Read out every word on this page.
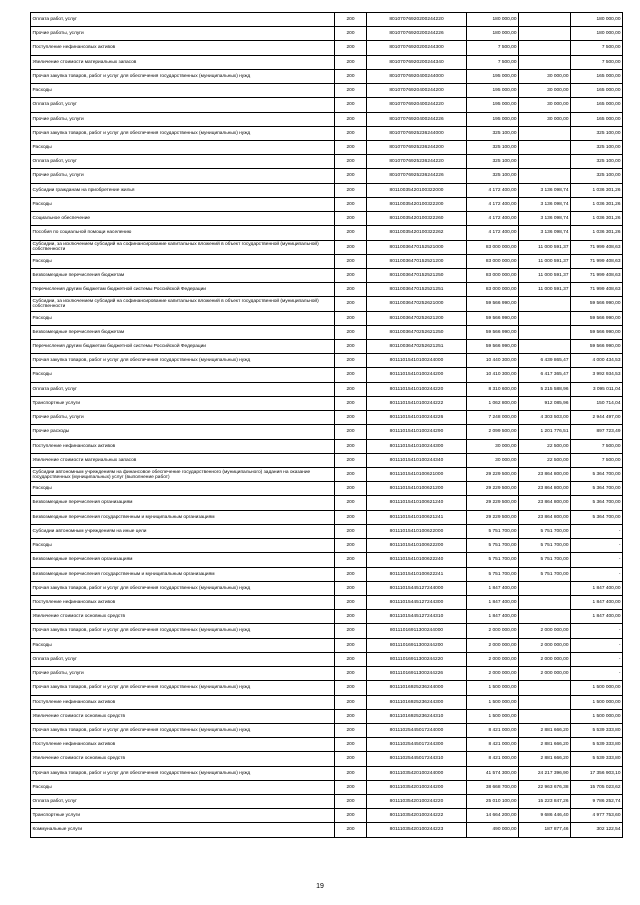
Оплата работ, услуг	200	80107076920200244220	180 000,00		180 000,00
Прочие работы, услуги	200	80107076920200244226	180 000,00		180 000,00
Поступление нефинансовых активов	200	80107076920200244300	7 500,00		7 500,00
Увеличение стоимости материальных запасов	200	80107076920200244340	7 500,00		7 500,00
Прочая закупка товаров, работ и услуг для обеспечения государственных (муниципальных) нужд	200	80107076920400244000	195 000,00	30 000,00	165 000,00
Расходы	200	80107076920400244200	195 000,00	30 000,00	165 000,00
Оплата работ, услуг	200	80107076920400244220	195 000,00	30 000,00	165 000,00
Прочие работы, услуги	200	80107076920400244226	195 000,00	30 000,00	165 000,00
Прочая закупка товаров, работ и услуг для обеспечения государственных (муниципальных) нужд	200	80107076925236244000	325 100,00		325 100,00
Расходы	200	80107076925236244200	325 100,00		325 100,00
Оплата работ, услуг	200	80107076925236244220	325 100,00		325 100,00
Прочие работы, услуги	200	80107076925236244226	325 100,00		325 100,00
Субсидии гражданам на приобретение жилья	200	80110035420100322000	4 172 400,00	3 136 098,74	1 036 301,26
Расходы	200	80110035420100322200	4 172 400,00	3 136 098,74	1 036 301,26
Социальное обеспечение	200	80110035420100322260	4 172 400,00	3 136 098,74	1 036 301,26
Пособия по социальной помощи населению	200	80110035420100322262	4 172 400,00	3 136 098,74	1 036 301,26
Субсидии, за исключением субсидий на софинансирование капитальных вложений в объект государственной (муниципальной) собственности	200	80110036470152521000	83 000 000,00	11 000 591,37	71 999 408,63
Расходы	200	80110036470152521200	83 000 000,00	11 000 591,37	71 999 408,63
Безвозмездные перечисления бюджетам	200	80110036470152521250	83 000 000,00	11 000 591,37	71 999 408,63
Перечисления другим бюджетам бюджетной системы Российской Федерации	200	80110036470152521251	83 000 000,00	11 000 591,37	71 999 408,63
Субсидии, за исключением субсидий на софинансирование капитальных вложений в объект государственной (муниципальной) собственности	200	80110036470252621000	59 566 990,00		59 566 990,00
Расходы	200	80110036470252621200	59 566 990,00		59 566 990,00
Безвозмездные перечисления бюджетам	200	80110036470252621250	59 566 990,00		59 566 990,00
Перечисления другим бюджетам бюджетной системы Российской Федерации	200	80110036470252621251	59 566 990,00		59 566 990,00
Прочая закупка товаров, работ и услуг для обеспечения государственных (муниципальных) нужд	200	80111015410100244000	10 440 300,00	6 439 865,47	4 000 434,53
Расходы	200	80111015410100244200	10 410 300,00	6 417 365,47	3 992 934,53
Оплата работ, услуг	200	80111015410100244220	8 310 600,00	5 215 588,96	3 095 011,04
Транспортные услуги	200	80111015410100244222	1 062 800,00	912 085,96	150 714,04
Прочие работы, услуги	200	80111015410100244226	7 248 000,00	4 303 503,00	2 944 497,00
Прочие расходы	200	80111015410100244290	2 099 500,00	1 201 776,51	897 723,49
Поступление нефинансовых активов	200	80111015410100244300	30 000,00	22 500,00	7 500,00
Увеличение стоимости материальных запасов	200	80111015410100244340	30 000,00	22 500,00	7 500,00
Субсидии автономным учреждениям на финансовое обеспечение государственного (муниципального) задания на оказание государственных (муниципальных) услуг (выполнение работ)	200	80111015410100621000	29 229 500,00	23 864 800,00	5 364 700,00
Расходы	200	80111015410100621200	29 229 500,00	23 864 800,00	5 364 700,00
Безвозмездные перечисления организациям	200	80111015410100621240	29 229 500,00	23 864 800,00	5 364 700,00
Безвозмездные перечисления государственным и муниципальным организациям	200	80111015410100621241	29 229 500,00	23 864 800,00	5 364 700,00
Субсидии автономным учреждениям на иные цели	200	80111015410100622000	5 751 700,00	5 751 700,00	-
Расходы	200	80111015410100622200	5 751 700,00	5 751 700,00	-
Безвозмездные перечисления организациям	200	80111015410100622240	5 751 700,00	5 751 700,00	-
Безвозмездные перечисления государственным и муниципальным организациям	200	80111015410100622241	5 751 700,00	5 751 700,00	-
Прочая закупка товаров, работ и услуг для обеспечения государственных (муниципальных) нужд	200	80111015445127244000	1 847 400,00		1 847 400,00
Поступление нефинансовых активов	200	80111015445127244300	1 847 400,00		1 847 400,00
Увеличение стоимости основных средств	200	80111015445127244310	1 847 400,00		1 847 400,00
Прочая закупка товаров, работ и услуг для обеспечения государственных (муниципальных) нужд	200	80111016911300244000	2 000 000,00	2 000 000,00	-
Расходы	200	80111016911300244200	2 000 000,00	2 000 000,00	-
Оплата работ, услуг	200	80111016911300244220	2 000 000,00	2 000 000,00	-
Прочие работы, услуги	200	80111016911300244226	2 000 000,00	2 000 000,00	-
Прочая закупка товаров, работ и услуг для обеспечения государственных (муниципальных) нужд	200	80111016925236244000	1 500 000,00		1 500 000,00
Поступление нефинансовых активов	200	80111016925236244300	1 500 000,00		1 500 000,00
Увеличение стоимости основных средств	200	80111016925236244310	1 500 000,00		1 500 000,00
Прочая закупка товаров, работ и услуг для обеспечения государственных (муниципальных) нужд	200	80111025445017244000	8 421 000,00	2 881 666,20	5 539 333,80
Поступление нефинансовых активов	200	80111025445017244300	8 421 000,00	2 881 666,20	5 539 333,80
Увеличение стоимости основных средств	200	80111025445017244310	8 421 000,00	2 881 666,20	5 539 333,80
Прочая закупка товаров, работ и услуг для обеспечения государственных (муниципальных) нужд	200	80111035420100244000	41 574 300,00	24 217 396,90	17 356 903,10
Расходы	200	80111035420100244200	38 668 700,00	22 963 676,38	15 705 023,62
Оплата работ, услуг	200	80111035420100244220	25 010 100,00	15 223 847,26	9 786 252,74
Транспортные услуги	200	80111035420100244222	14 664 200,00	9 686 446,40	4 977 753,60
Коммунальные услуги	200	80111035420100244223	490 000,00	187 877,46	302 122,54
19
